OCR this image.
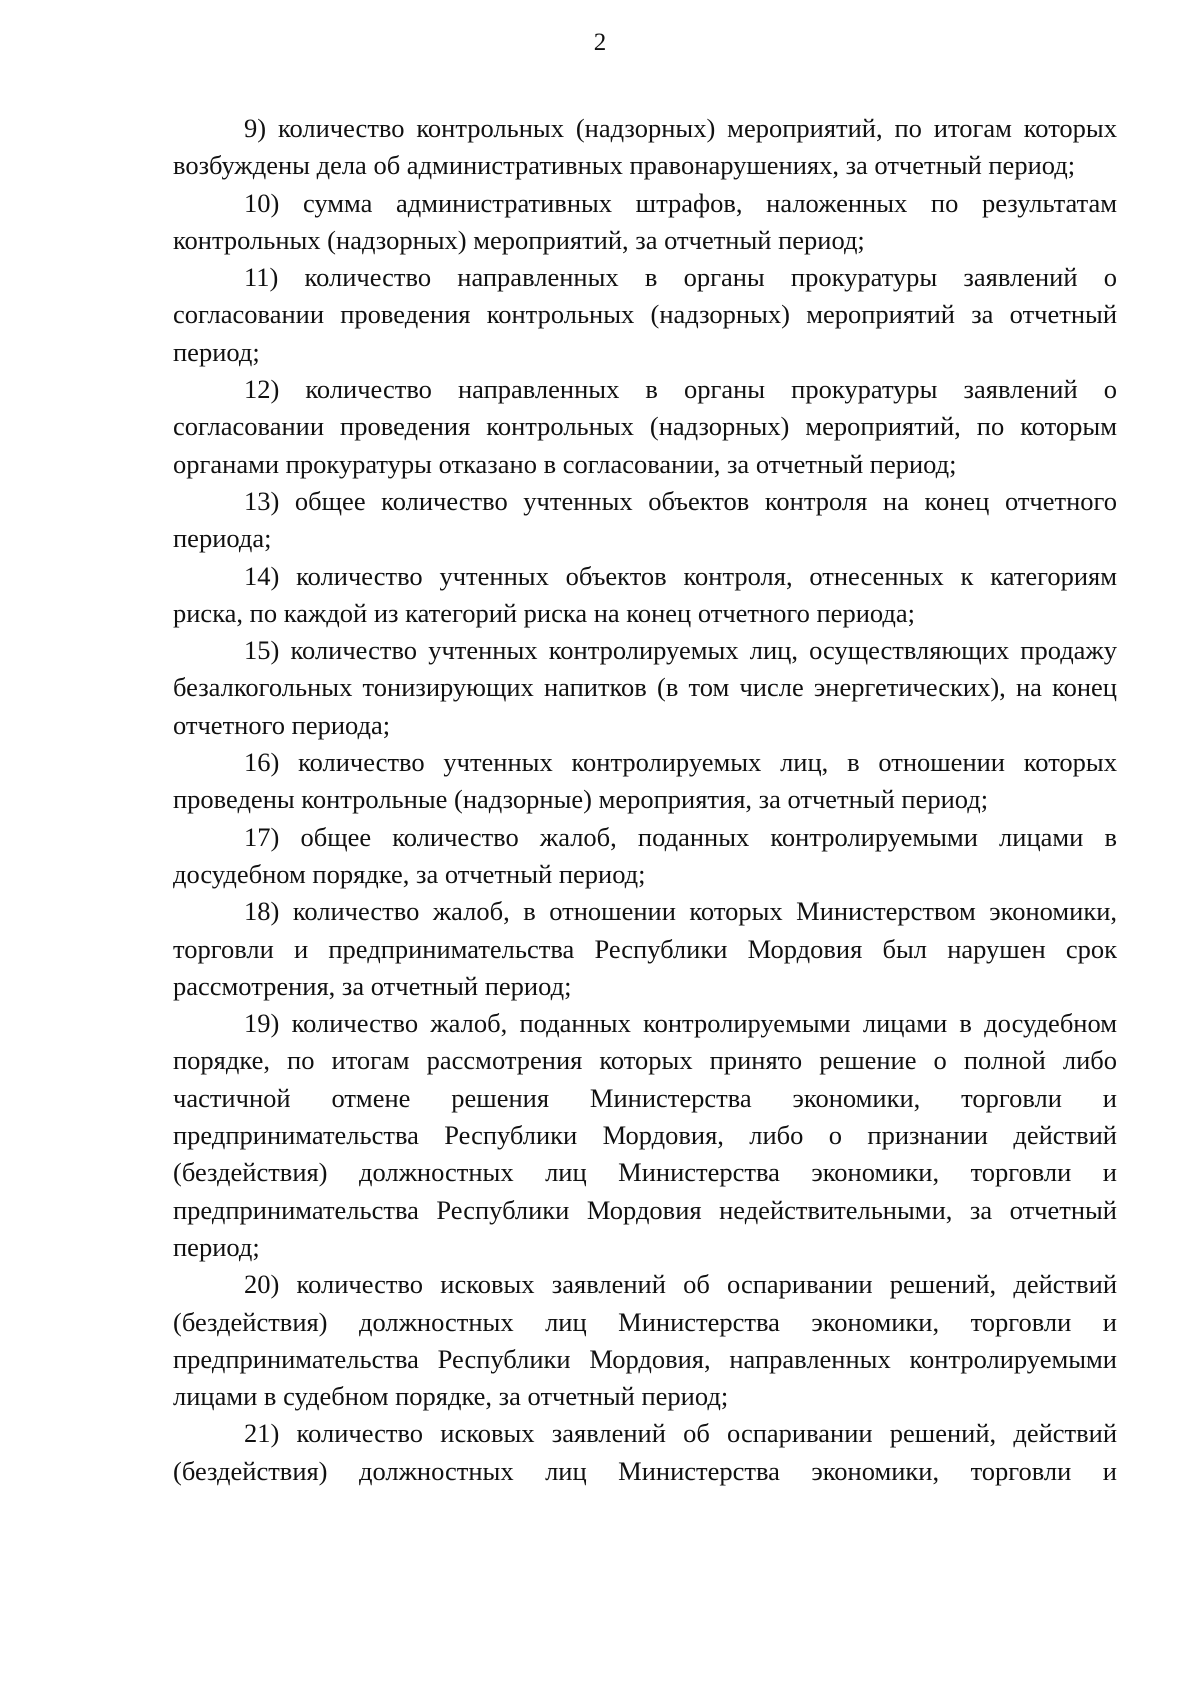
2

9) количество контрольных (надзорных) мероприятий, по итогам которых возбуждены дела об административных правонарушениях, за отчетный период;

10) сумма административных штрафов, наложенных по результатам контрольных (надзорных) мероприятий, за отчетный период;

11) количество направленных в органы прокуратуры заявлений о согласовании проведения контрольных (надзорных) мероприятий за отчетный период;

12) количество направленных в органы прокуратуры заявлений о согласовании проведения контрольных (надзорных) мероприятий, по которым органами прокуратуры отказано в согласовании, за отчетный период;

13) общее количество учтенных объектов контроля на конец отчетного периода;

14) количество учтенных объектов контроля, отнесенных к категориям риска, по каждой из категорий риска на конец отчетного периода;

15) количество учтенных контролируемых лиц, осуществляющих продажу безалкогольных тонизирующих напитков (в том числе энергетических), на конец отчетного периода;

16) количество учтенных контролируемых лиц, в отношении которых проведены контрольные (надзорные) мероприятия, за отчетный период;

17) общее количество жалоб, поданных контролируемыми лицами в досудебном порядке, за отчетный период;

18) количество жалоб, в отношении которых Министерством экономики, торговли и предпринимательства Республики Мордовия был нарушен срок рассмотрения, за отчетный период;

19) количество жалоб, поданных контролируемыми лицами в досудебном порядке, по итогам рассмотрения которых принято решение о полной либо частичной отмене решения Министерства экономики, торговли и предпринимательства Республики Мордовия, либо о признании действий (бездействия) должностных лиц Министерства экономики, торговли и предпринимательства Республики Мордовия недействительными, за отчетный период;

20) количество исковых заявлений об оспаривании решений, действий (бездействия) должностных лиц Министерства экономики, торговли и предпринимательства Республики Мордовия, направленных контролируемыми лицами в судебном порядке, за отчетный период;

21) количество исковых заявлений об оспаривании решений, действий (бездействия) должностных лиц Министерства экономики, торговли и
